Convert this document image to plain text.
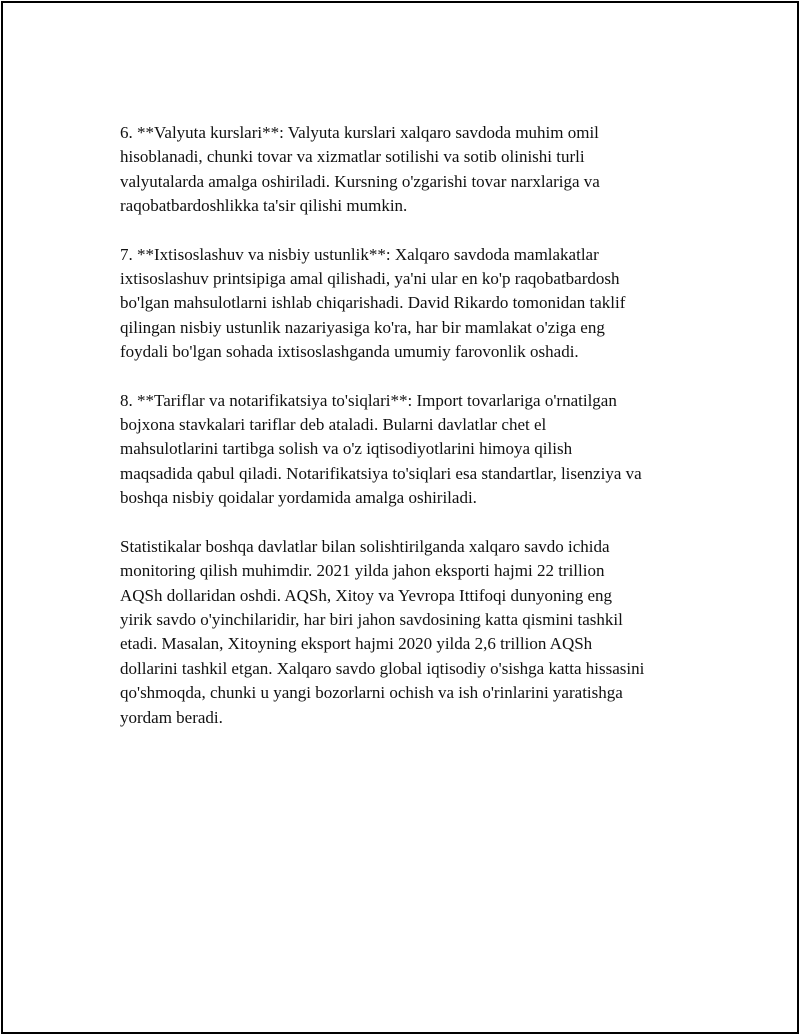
6. **Valyuta kurslari**: Valyuta kurslari xalqaro savdoda muhim omil
hisoblanadi, chunki tovar va xizmatlar sotilishi va sotib olinishi turli
valyutalarda amalga oshiriladi. Kursning o'zgarishi tovar narxlariga va
raqobatbardoshlikka ta'sir qilishi mumkin.

7. **Ixtisoslashuv va nisbiy ustunlik**: Xalqaro savdoda mamlakatlar
ixtisoslashuv printsipiga amal qilishadi, ya'ni ular en ko'p raqobatbardosh
bo'lgan mahsulotlarni ishlab chiqarishadi. David Rikardo tomonidan taklif
qilingan nisbiy ustunlik nazariyasiga ko'ra, har bir mamlakat o'ziga eng
foydali bo'lgan sohada ixtisoslashganda umumiy farovonlik oshadi.

8. **Tariflar va notarifikatsiya to'siqlari**: Import tovarlariga o'rnatilgan
bojxona stavkalari tariflar deb ataladi. Bularni davlatlar chet el
mahsulotlarini tartibga solish va o'z iqtisodiyotlarini himoya qilish
maqsadida qabul qiladi. Notarifikatsiya to'siqlari esa standartlar, lisenziya va
boshqa nisbiy qoidalar yordamida amalga oshiriladi.

Statistikalar boshqa davlatlar bilan solishtirilganda xalqaro savdo ichida
monitoring qilish muhimdir. 2021 yilda jahon eksporti hajmi 22 trillion
AQSh dollaridan oshdi. AQSh, Xitoy va Yevropa Ittifoqi dunyoning eng
yirik savdo o'yinchilaridir, har biri jahon savdosining katta qismini tashkil
etadi. Masalan, Xitoyning eksport hajmi 2020 yilda 2,6 trillion AQSh
dollarini tashkil etgan. Xalqaro savdo global iqtisodiy o'sishga katta hissasini
qo'shmoqda, chunki u yangi bozorlarni ochish va ish o'rinlarini yaratishga
yordam beradi.
